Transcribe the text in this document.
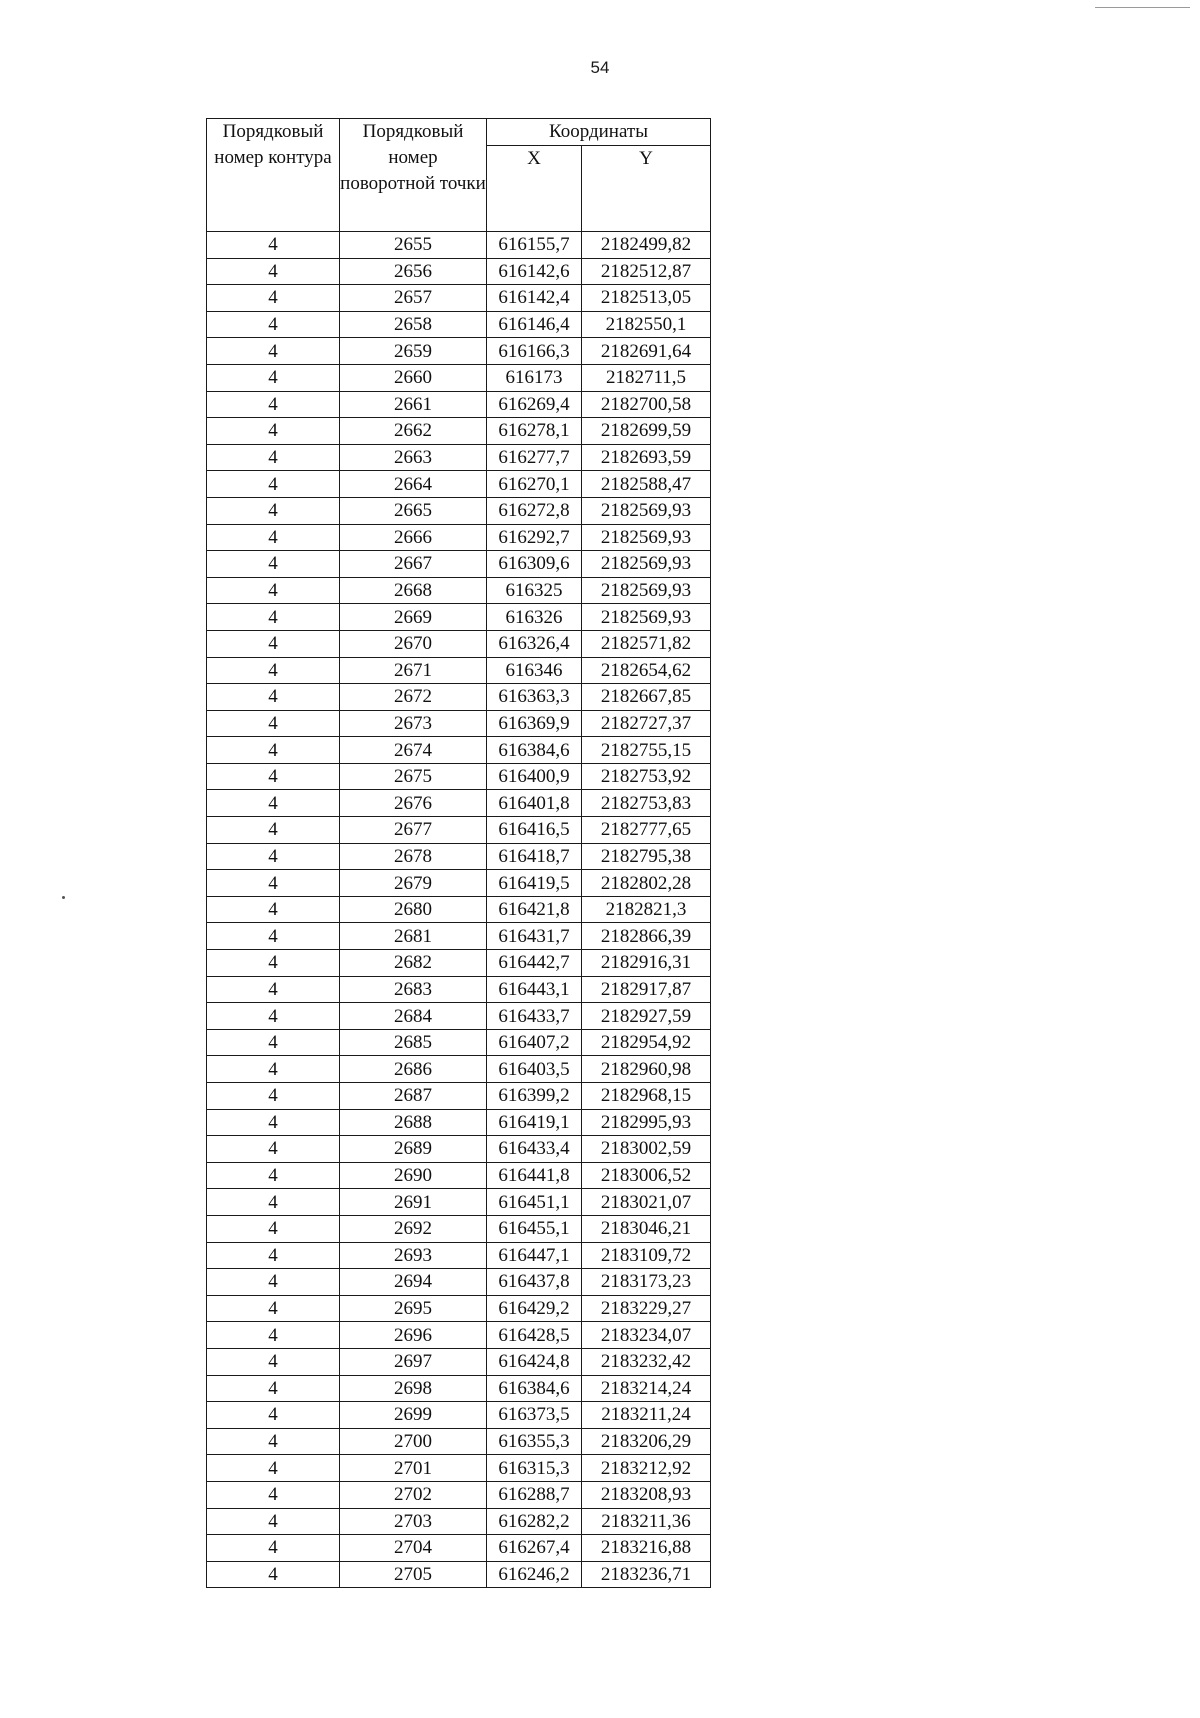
54
Порядковый номер контура	Порядковый номер поворотной точки	Координаты	
		X	Y
4	2655	616155,7	2182499,82
4	2656	616142,6	2182512,87
4	2657	616142,4	2182513,05
4	2658	616146,4	2182550,1
4	2659	616166,3	2182691,64
4	2660	616173	2182711,5
4	2661	616269,4	2182700,58
4	2662	616278,1	2182699,59
4	2663	616277,7	2182693,59
4	2664	616270,1	2182588,47
4	2665	616272,8	2182569,93
4	2666	616292,7	2182569,93
4	2667	616309,6	2182569,93
4	2668	616325	2182569,93
4	2669	616326	2182569,93
4	2670	616326,4	2182571,82
4	2671	616346	2182654,62
4	2672	616363,3	2182667,85
4	2673	616369,9	2182727,37
4	2674	616384,6	2182755,15
4	2675	616400,9	2182753,92
4	2676	616401,8	2182753,83
4	2677	616416,5	2182777,65
4	2678	616418,7	2182795,38
4	2679	616419,5	2182802,28
4	2680	616421,8	2182821,3
4	2681	616431,7	2182866,39
4	2682	616442,7	2182916,31
4	2683	616443,1	2182917,87
4	2684	616433,7	2182927,59
4	2685	616407,2	2182954,92
4	2686	616403,5	2182960,98
4	2687	616399,2	2182968,15
4	2688	616419,1	2182995,93
4	2689	616433,4	2183002,59
4	2690	616441,8	2183006,52
4	2691	616451,1	2183021,07
4	2692	616455,1	2183046,21
4	2693	616447,1	2183109,72
4	2694	616437,8	2183173,23
4	2695	616429,2	2183229,27
4	2696	616428,5	2183234,07
4	2697	616424,8	2183232,42
4	2698	616384,6	2183214,24
4	2699	616373,5	2183211,24
4	2700	616355,3	2183206,29
4	2701	616315,3	2183212,92
4	2702	616288,7	2183208,93
4	2703	616282,2	2183211,36
4	2704	616267,4	2183216,88
4	2705	616246,2	2183236,71
